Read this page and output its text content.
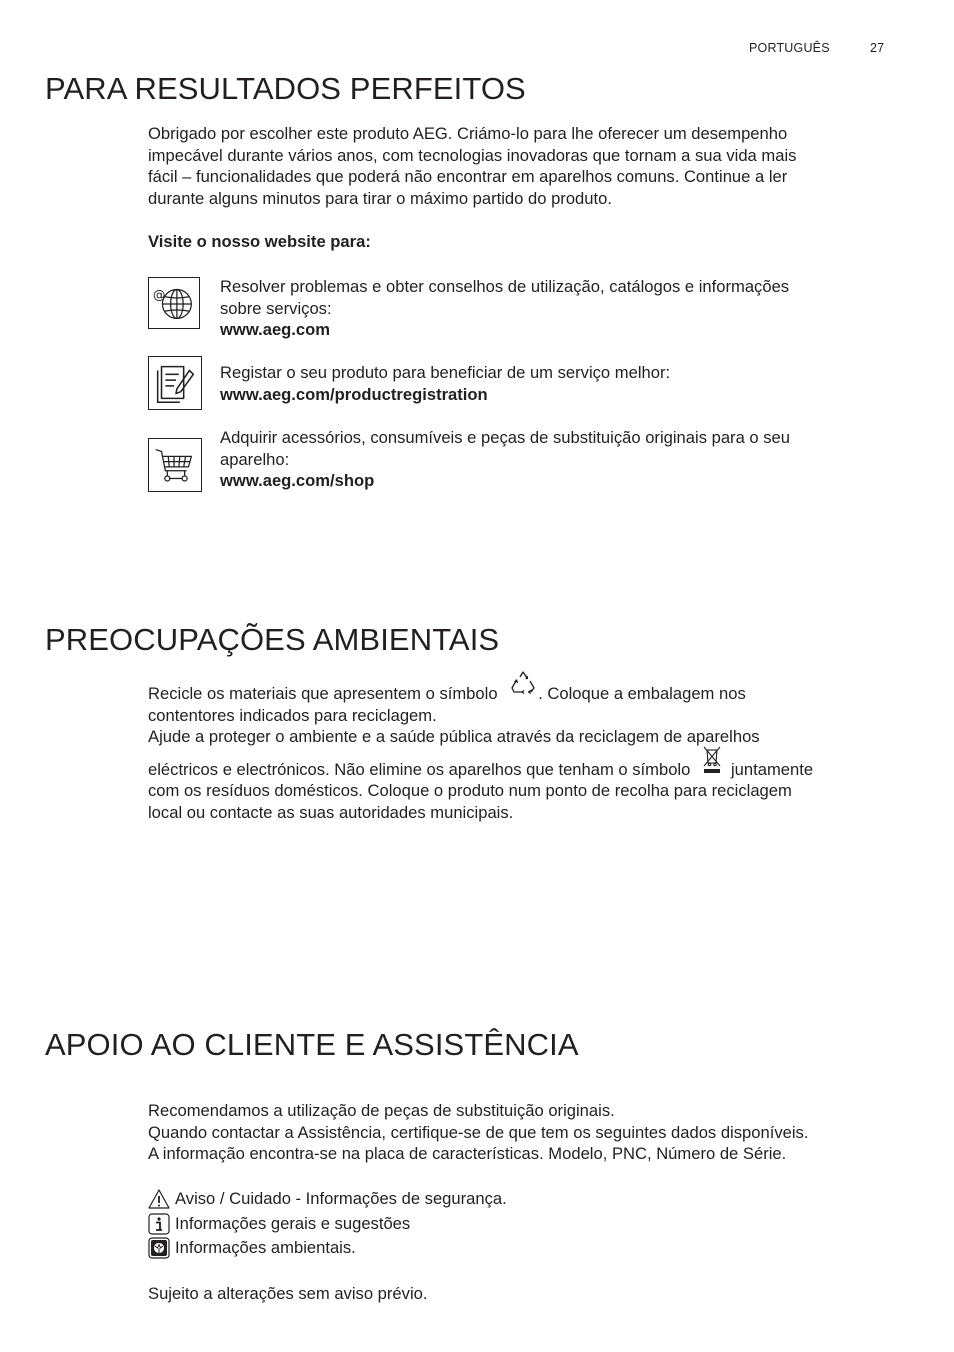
PORTUGUÊS	27
PARA RESULTADOS PERFEITOS

Obrigado por escolher este produto AEG. Criámo-lo para lhe oferecer um desempenho

impecável durante vários anos, com tecnologias inovadoras que tornam a sua vida mais

fácil – funcionalidades que poderá não encontrar em aparelhos comuns. Continue a ler

durante alguns minutos para tirar o máximo partido do produto.

Visite o nosso website para:
@	Resolver problemas e obter conselhos de utilização, catálogos e informações

sobre serviços:

www.aeg.com

Registar o seu produto para beneficiar de um serviço melhor:

www.aeg.com/productregistration

Adquirir acessórios, consumíveis e peças de substituição originais para o seu

aparelho:

www.aeg.com/shop

PREOCUPAÇÕES AMBIENTAIS

Recicle os materiais que apresentem o símbolo . Coloque a embalagem nos

contentores indicados para reciclagem.

Ajude a proteger o ambiente e a saúde pública através da reciclagem de aparelhos

eléctricos e electrónicos. Não elimine os aparelhos que tenham o símbolo juntamente

com os resíduos domésticos. Coloque o produto num ponto de recolha para reciclagem

local ou contacte as suas autoridades municipais.

APOIO AO CLIENTE E ASSISTÊNCIA

Recomendamos a utilização de peças de substituição originais.

Quando contactar a Assistência, certifique-se de que tem os seguintes dados disponíveis.

A informação encontra-se na placa de características. Modelo, PNC, Número de Série.

Aviso / Cuidado - Informações de segurança.
Informações gerais e sugestões
Informações ambientais.
Sujeito a alterações sem aviso prévio.
